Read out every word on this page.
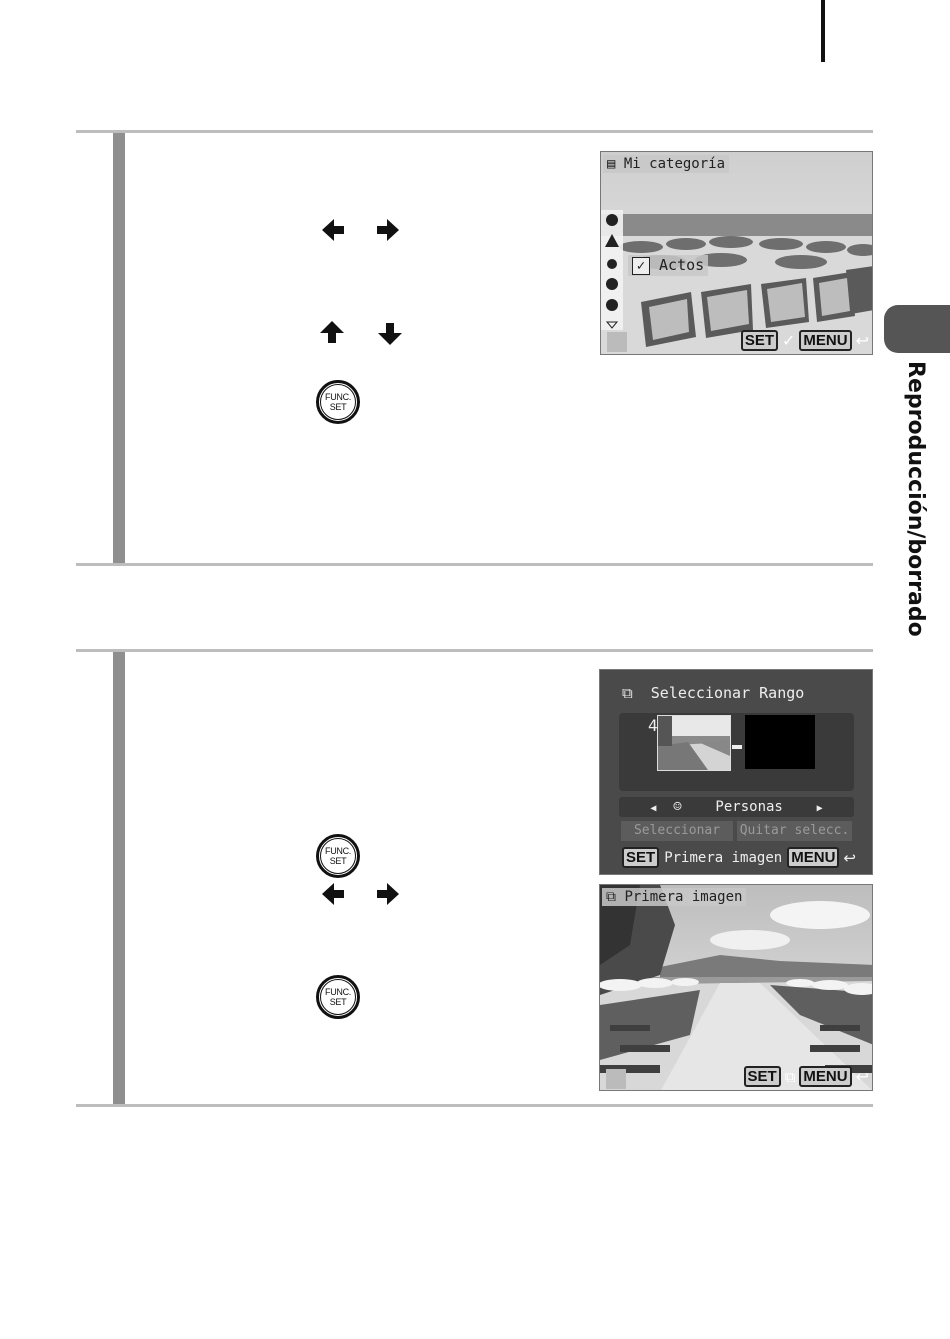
Reproducción/borrado
FUNC.
SET
▤ Mi categoría
✓ Actos
SET ✓ MENU ↩
FUNC.
SET
FUNC.
SET
⧉ Seleccionar Rango
4
◀ ☺ Personas	▶
Seleccionar	Quitar selecc.
SET Primera imagen MENU ↩
⧉ Primera imagen
SET ⧉ MENU ↩
